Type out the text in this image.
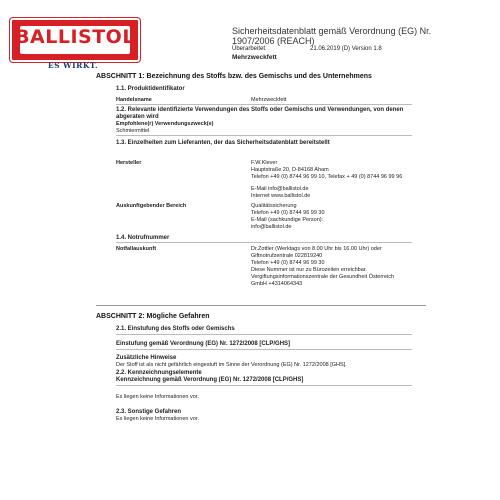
BALLISTOL
ES WIRKT.
Sicherheitsdatenblatt gemäß Verordnung (EG) Nr.
1907/2006 (REACH)
Überarbeitet:	21.06.2019 (D) Version 1.8
Mehrzweckfett
ABSCHNITT 1: Bezeichnung des Stoffs bzw. des Gemischs und des Unternehmens
1.1. Produktidentifikator
Handelsname	Mehrzweckfett
1.2. Relevante identifizierte Verwendungen des Stoffs oder Gemischs und Verwendungen, von denen
abgeraten wird
Empfohlene(r) Verwendungszweck(e)
Schmiermittel
1.3. Einzelheiten zum Lieferanten, der das Sicherheitsdatenblatt bereitstellt
Hersteller	F.W.Klever
Hauptstraße 20, D-84168 Aham
Telefon +49 (0) 8744 96 99 10, Telefax + 49 (0) 8744 96 99 96
E-Mail info@ballistol.de
Internet www.ballistol.de
Auskunftgebender Bereich	Qualitätssicherung
Telefon +49 (0) 8744 96 99 30
E-Mail (sachkundige Person):
info@ballistol.de
1.4. Notrufnummer
Notfallauskunft	Dr.Zottler (Werktags von 8.00 Uhr bis 16.00 Uhr) oder
Giftnotrufzentrale 022819240
Telefon +49 (0) 8744 96 99 30
Diese Nummer ist nur zu Bürozeiten erreichbar.
Vergiftungsinformationszentrale der Gesundheit Österreich
GmbH +4314064343
ABSCHNITT 2: Mögliche Gefahren
2.1. Einstufung des Stoffs oder Gemischs
Einstufung gemäß Verordnung (EG) Nr. 1272/2008 [CLP/GHS]
Zusätzliche Hinweise
Der Stoff ist als nicht gefährlich eingestuft im Sinne der Verordnung (EG) Nr. 1272/2008 [GHS].
2.2. Kennzeichnungselemente
Kennzeichnung gemäß Verordnung (EG) Nr. 1272/2008 [CLP/GHS]
Es liegen keine Informationen vor.
2.3. Sonstige Gefahren
Es liegen keine Informationen vor.
